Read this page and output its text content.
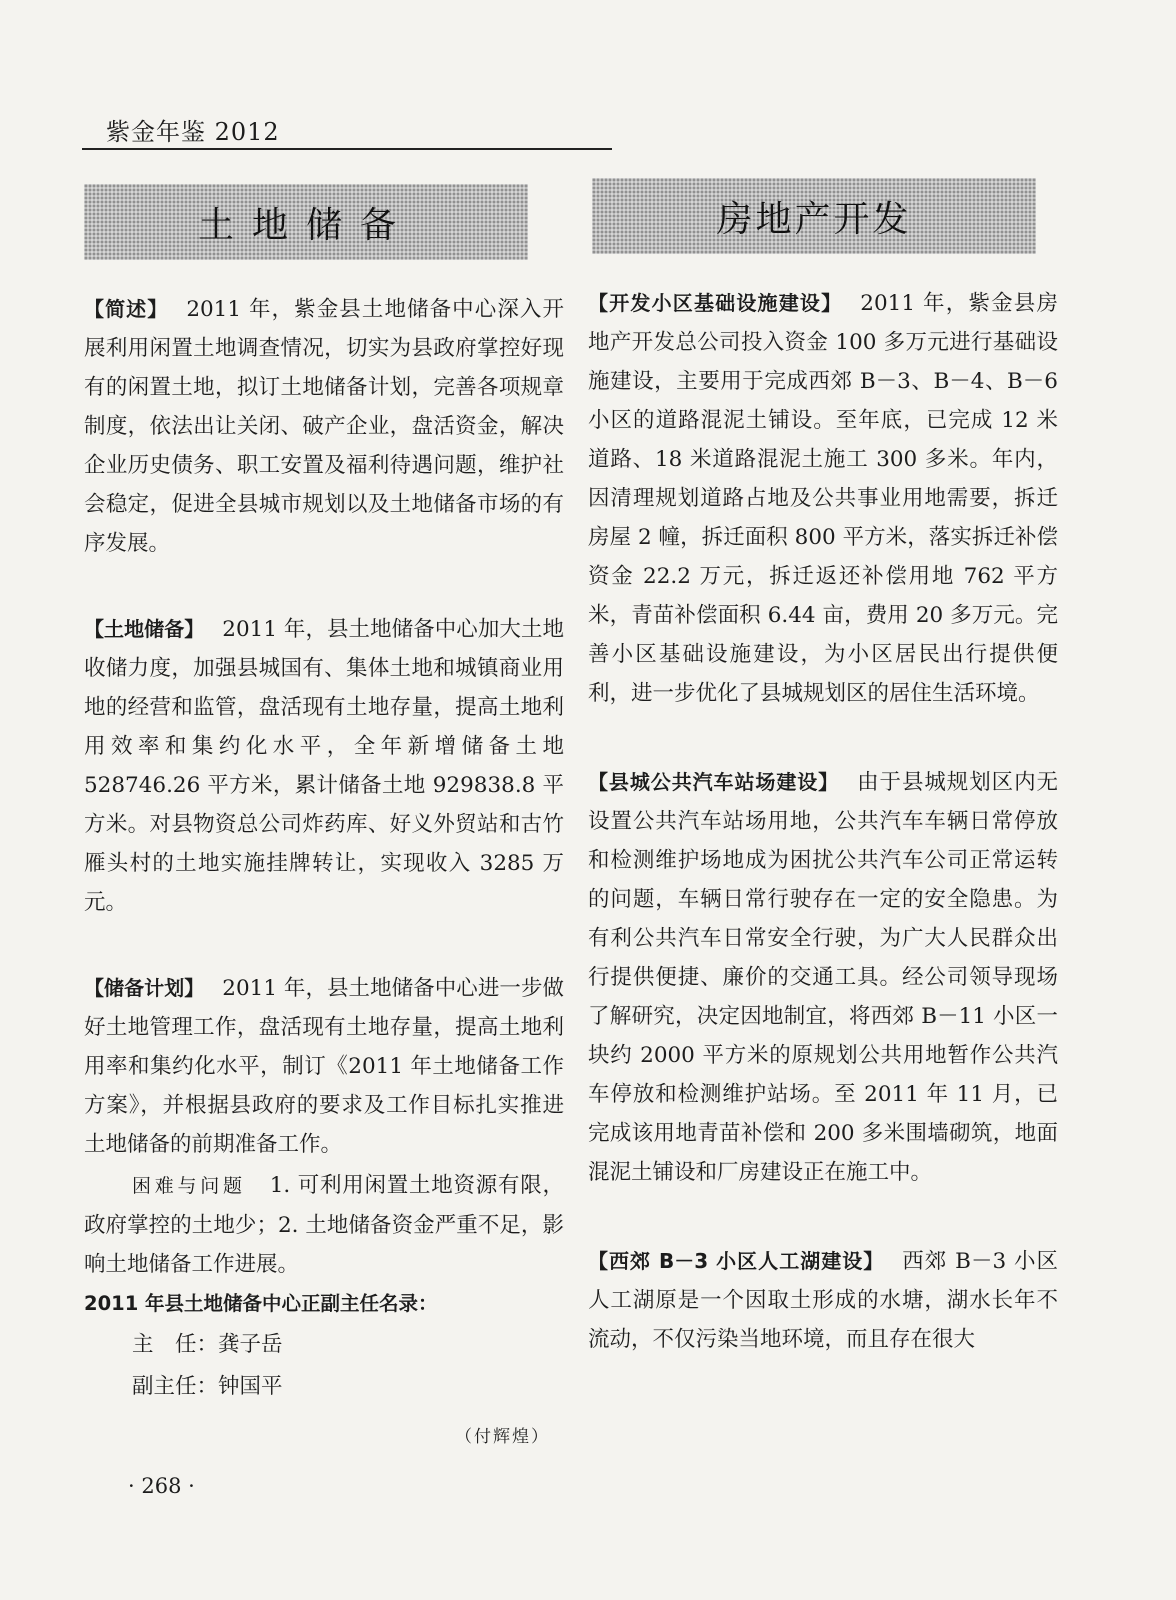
紫金年鉴 2012
土地储备	房地产开发

【简述】 2011 年，紫金县土地储备中心深入开展利用闲置土地调查情况，切实为县政府掌控好现有的闲置土地，拟订土地储备计划，完善各项规章制度，依法出让关闭、破产企业，盘活资金，解决企业历史债务、职工安置及福利待遇问题，维护社会稳定，促进全县城市规划以及土地储备市场的有序发展。

【土地储备】 2011 年，县土地储备中心加大土地收储力度，加强县城国有、集体土地和城镇商业用地的经营和监管，盘活现有土地存量，提高土地利用效率和集约化水平，全年新增储备土地 528746.26 平方米，累计储备土地 929838.8 平方米。对县物资总公司炸药库、好义外贸站和古竹雁头村的土地实施挂牌转让，实现收入 3285 万元。

【储备计划】 2011 年，县土地储备中心进一步做好土地管理工作，盘活现有土地存量，提高土地利用率和集约化水平，制订《2011 年土地储备工作方案》，并根据县政府的要求及工作目标扎实推进土地储备的前期准备工作。

困难与问题 1. 可利用闲置土地资源有限，政府掌控的土地少；2. 土地储备资金严重不足，影响土地储备工作进展。

2011 年县土地储备中心正副主任名录：

主　任：龚子岳

副主任：钟国平

（付辉煌）

【开发小区基础设施建设】 2011 年，紫金县房地产开发总公司投入资金 100 多万元进行基础设施建设，主要用于完成西郊 B－3、B－4、B－6 小区的道路混泥土铺设。至年底，已完成 12 米道路、18 米道路混泥土施工 300 多米。年内，因清理规划道路占地及公共事业用地需要，拆迁房屋 2 幢，拆迁面积 800 平方米，落实拆迁补偿资金 22.2 万元，拆迁返还补偿用地 762 平方米，青苗补偿面积 6.44 亩，费用 20 多万元。完善小区基础设施建设，为小区居民出行提供便利，进一步优化了县城规划区的居住生活环境。

【县城公共汽车站场建设】 由于县城规划区内无设置公共汽车站场用地，公共汽车车辆日常停放和检测维护场地成为困扰公共汽车公司正常运转的问题，车辆日常行驶存在一定的安全隐患。为有利公共汽车日常安全行驶，为广大人民群众出行提供便捷、廉价的交通工具。经公司领导现场了解研究，决定因地制宜，将西郊 B－11 小区一块约 2000 平方米的原规划公共用地暂作公共汽车停放和检测维护站场。至 2011 年 11 月，已完成该用地青苗补偿和 200 多米围墙砌筑，地面混泥土铺设和厂房建设正在施工中。

【西郊 B－3 小区人工湖建设】 西郊 B－3 小区人工湖原是一个因取土形成的水塘，湖水长年不流动，不仅污染当地环境，而且存在很大

· 268 ·
